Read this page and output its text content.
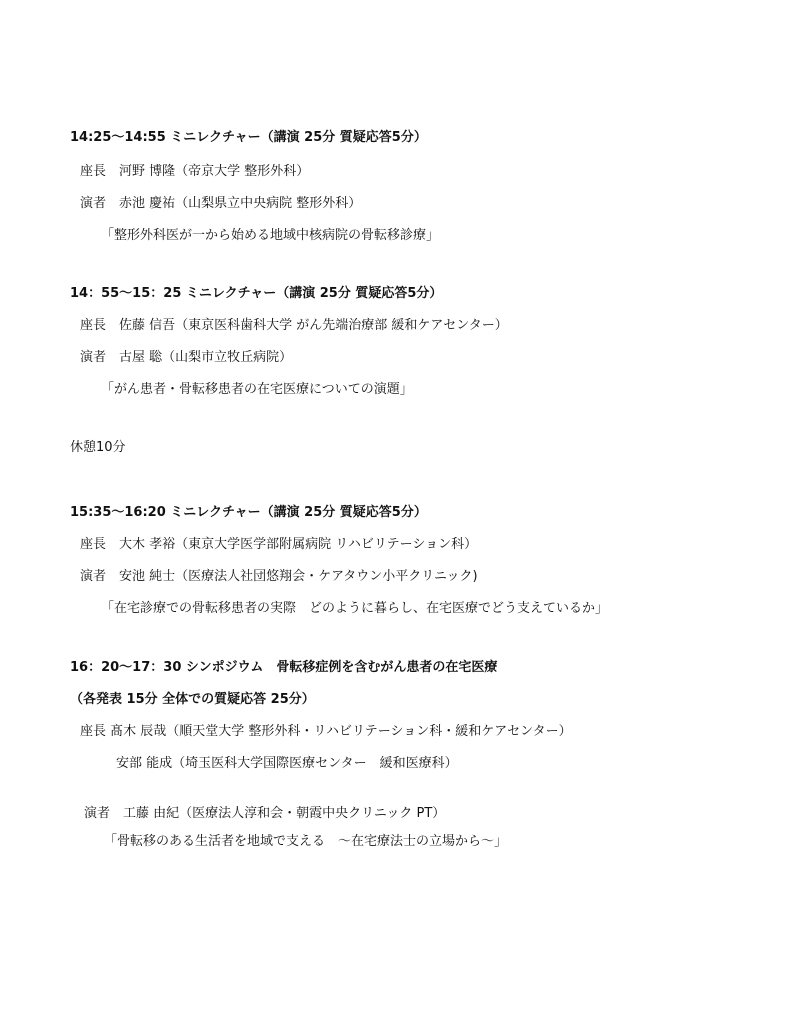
14:25～14:55 ミニレクチャー（講演 25分 質疑応答5分）
座長　河野 博隆（帝京大学 整形外科）
演者　赤池 慶祐（山梨県立中央病院 整形外科）
「整形外科医が一から始める地域中核病院の骨転移診療」
14：55～15：25 ミニレクチャー（講演 25分 質疑応答5分）
座長　佐藤 信吾（東京医科歯科大学 がん先端治療部 緩和ケアセンター）
演者　古屋 聡（山梨市立牧丘病院）
「がん患者・骨転移患者の在宅医療についての演題」
休憩10分
15:35～16:20 ミニレクチャー（講演 25分 質疑応答5分）
座長　大木 孝裕（東京大学医学部附属病院 リハビリテーション科）
演者　安池 純士（医療法人社団悠翔会・ケアタウン小平クリニック)
「在宅診療での骨転移患者の実際　どのように暮らし、在宅医療でどう支えているか」
16：20～17：30 シンポジウム　骨転移症例を含むがん患者の在宅医療
（各発表 15分 全体での質疑応答 25分）
座長 髙木 辰哉（順天堂大学 整形外科・リハビリテーション科・緩和ケアセンター）
安部 能成（埼玉医科大学国際医療センター　緩和医療科）
演者　工藤 由紀（医療法人淳和会・朝霞中央クリニック PT）
「骨転移のある生活者を地域で支える　～在宅療法士の立場から～」
